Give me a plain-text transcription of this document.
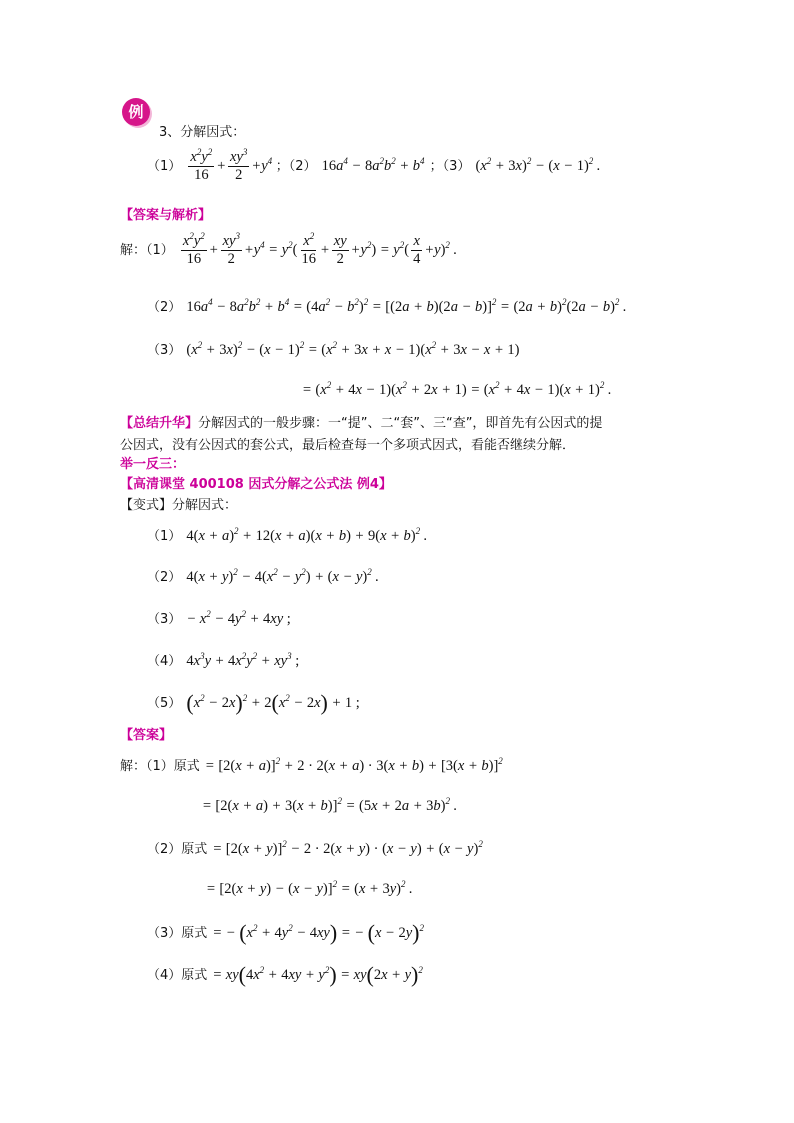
例
3、分解因式：
$(1) \frac{x^2y^2}{16} + \frac{xy^3}{2} +y^4$ ；（2） $16a^4 - 8a^2b^2 + b^4$ ；（3） $(x^2 + 3x)^2 - (x - 1)^2$ .
【答案与解析】
解：$(1) \frac{x^2y^2}{16} + \frac{xy^3}{2} +y^4 = y^2( \frac{x^2}{16} + \frac{xy}{2} +y^2) = y^2( \frac{x}{4} +y)^2$ .
（2） $16a^4 - 8a^2b^2 + b^4 = (4a^2 - b^2)^2 = [(2a + b)(2a - b)]^2 = (2a + b)^2(2a - b)^2$ .
（3） $(x^2 + 3x)^2 - (x - 1)^2 = (x^2 + 3x + x - 1)(x^2 + 3x - x + 1)$
= $(x^2 + 4x - 1)(x^2 + 2x + 1) = (x^2 + 4x - 1)(x + 1)^2$ .
【总结升华】分解因式的一般步骤：一“提”、二“套”、三“查”，即首先有公因式的提
公因式，没有公因式的套公式，最后检查每一个多项式因式，看能否继续分解．
举一反三：
【高清课堂 400108 因式分解之公式法 例4】
【变式】分解因式：
（1） $4(x + a)^2 + 12(x + a)(x + b) + 9(x + b)^2$ .
（2） $4(x + y)^2 - 4(x^2 - y^2) + (x - y)^2$ .
$(3) - x^2 - 4y^2 + 4xy$ ;
（4） $4x^3y + 4x^2y^2 + xy^3$ ;
（5） $(x^2 - 2x)^2 + 2(x^2 - 2x) + 1$ ;
【答案】
解：（1）原式 = $[2(x + a)]^2 + 2 \cdot 2(x + a) \cdot 3(x + b) + [3(x + b)]^2$
= $[2(x + a) + 3(x + b)]^2 = (5x + 2a + 3b)^2$ .
（2）原式 = $[2(x + y)]^2 - 2 \cdot 2(x + y) \cdot (x - y) + (x - y)^2$
= $[2(x + y) - (x - y)]^2 = (x + 3y)^2$ .
（3）原式 = − $(x^2 + 4y^2 - 4xy)$ = − $(x - 2y)^2$
（4）原式 = $xy(4x^2 + 4xy + y^2) = xy(2x + y)^2$
